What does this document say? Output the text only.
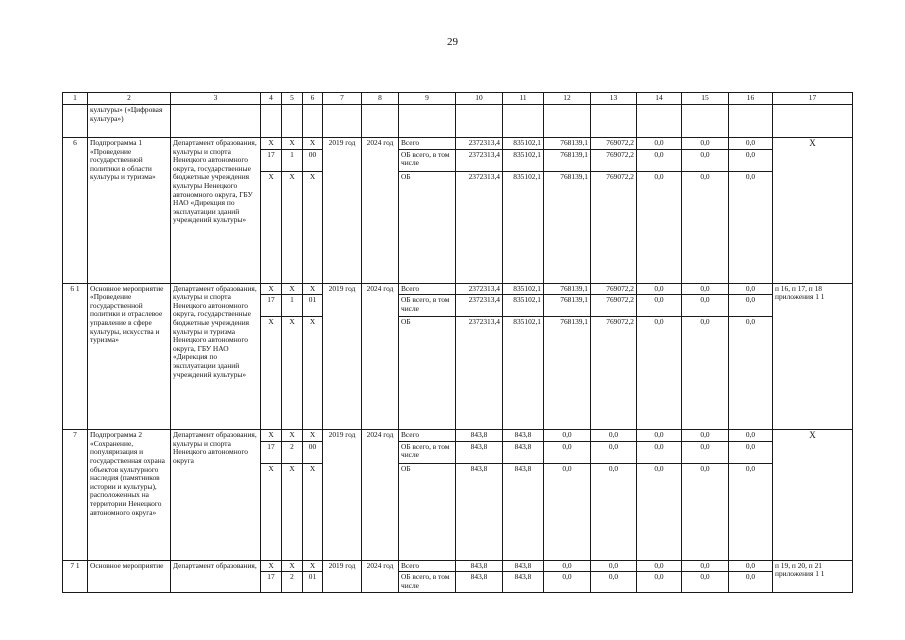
29
1	2	3	4	5	6	7	8	9	10	11	12	13	14	15	16	17
	культуры» («Цифровая культура»)															
6	Подпрограмма 1 «Проведение государственной политики в области культуры и туризма»	Департамент образования, культуры и спорта Ненецкого автономного округа, государственные бюджетные учреждения культуры Ненецкого автономного округа, ГБУ НАО «Дирекция по эксплуатации зданий учреждений культуры»	X	X	X	2019 год	2024 год	Всего	2372313,4	835102,1	768139,1	769072,2	0,0	0,0	0,0	X
			17	1	00			ОБ всего, в том числе	2372313,4	835102,1	768139,1	769072,2	0,0	0,0	0,0	
			X	X	X			ОБ	2372313,4	835102,1	768139,1	769072,2	0,0	0,0	0,0	
6 1	Основное мероприятие «Проведение государственной политики и отраслевое управление в сфере культуры, искусства и туризма»	Департамент образования, культуры и спорта Ненецкого автономного округа, государственные бюджетные учреждения культуры и туризма Ненецкого автономного округа, ГБУ НАО «Дирекция по эксплуатации зданий учреждений культуры»	X	X	X	2019 год	2024 год	Всего	2372313,4	835102,1	768139,1	769072,2	0,0	0,0	0,0	п 16, п 17, п 18 приложения 1 1
			17	1	01			ОБ всего, в том числе	2372313,4	835102,1	768139,1	769072,2	0,0	0,0	0,0	
			X	X	X			ОБ	2372313,4	835102,1	768139,1	769072,2	0,0	0,0	0,0	
7	Подпрограмма 2 «Сохранение, популяризация и государственная охрана объектов культурного наследия (памятников истории и культуры), расположенных на территории Ненецкого автономного округа»	Департамент образования, культуры и спорта Ненецкого автономного округа	X	X	X	2019 год	2024 год	Всего	843,8	843,8	0,0	0,0	0,0	0,0	0,0	X
			17	2	00			ОБ всего, в том числе	843,8	843,8	0,0	0,0	0,0	0,0	0,0	
			X	X	X			ОБ	843,8	843,8	0,0	0,0	0,0	0,0	0,0	
7 1	Основное мероприятие	Департамент образования,	X	X	X	2019 год	2024 год	Всего	843,8	843,8	0,0	0,0	0,0	0,0	0,0	п 19, п 20, п 21 приложения 1 1
			17	2	01			ОБ всего, в том числе	843,8	843,8	0,0	0,0	0,0	0,0	0,0	
